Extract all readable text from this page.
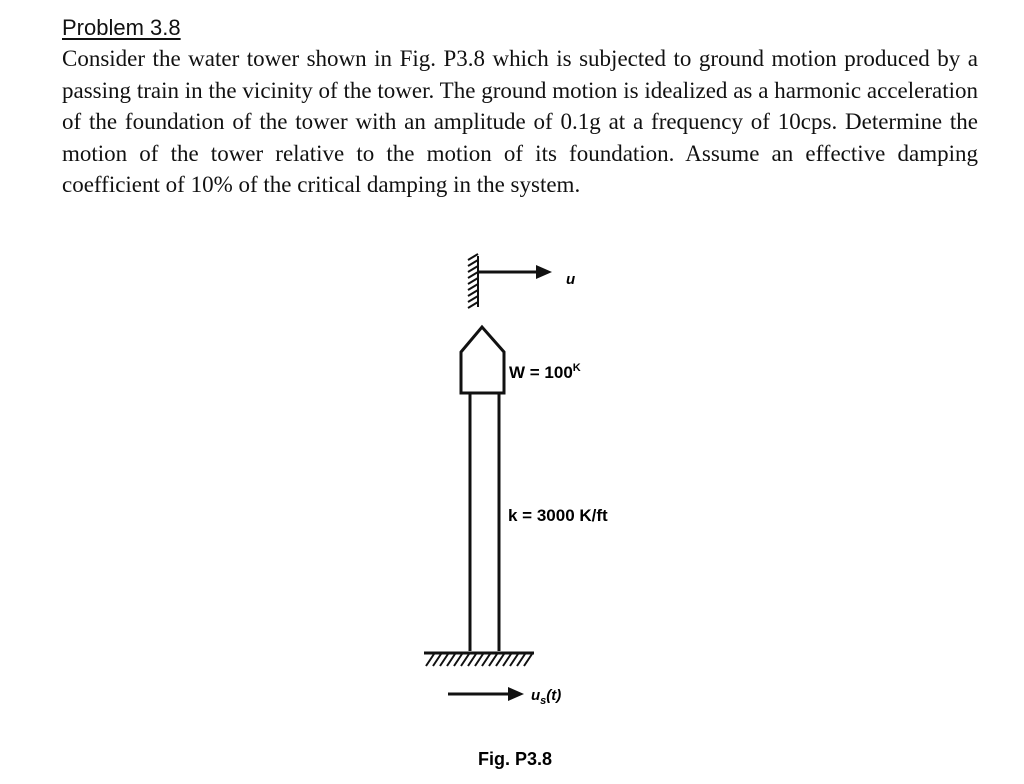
Problem 3.8

Consider the water tower shown in Fig. P3.8 which is subjected to ground motion produced by a passing train in the vicinity of the tower. The ground motion is idealized as a harmonic acceleration of the foundation of the tower with an amplitude of 0.1g at a frequency of 10cps. Determine the motion of the tower relative to the motion of its foundation. Assume an effective damping coefficient of 10% of the critical damping in the system.

u
$W = 100^K$
k = 3000 K/ft
$u_s(t)$
Fig. P3.8
